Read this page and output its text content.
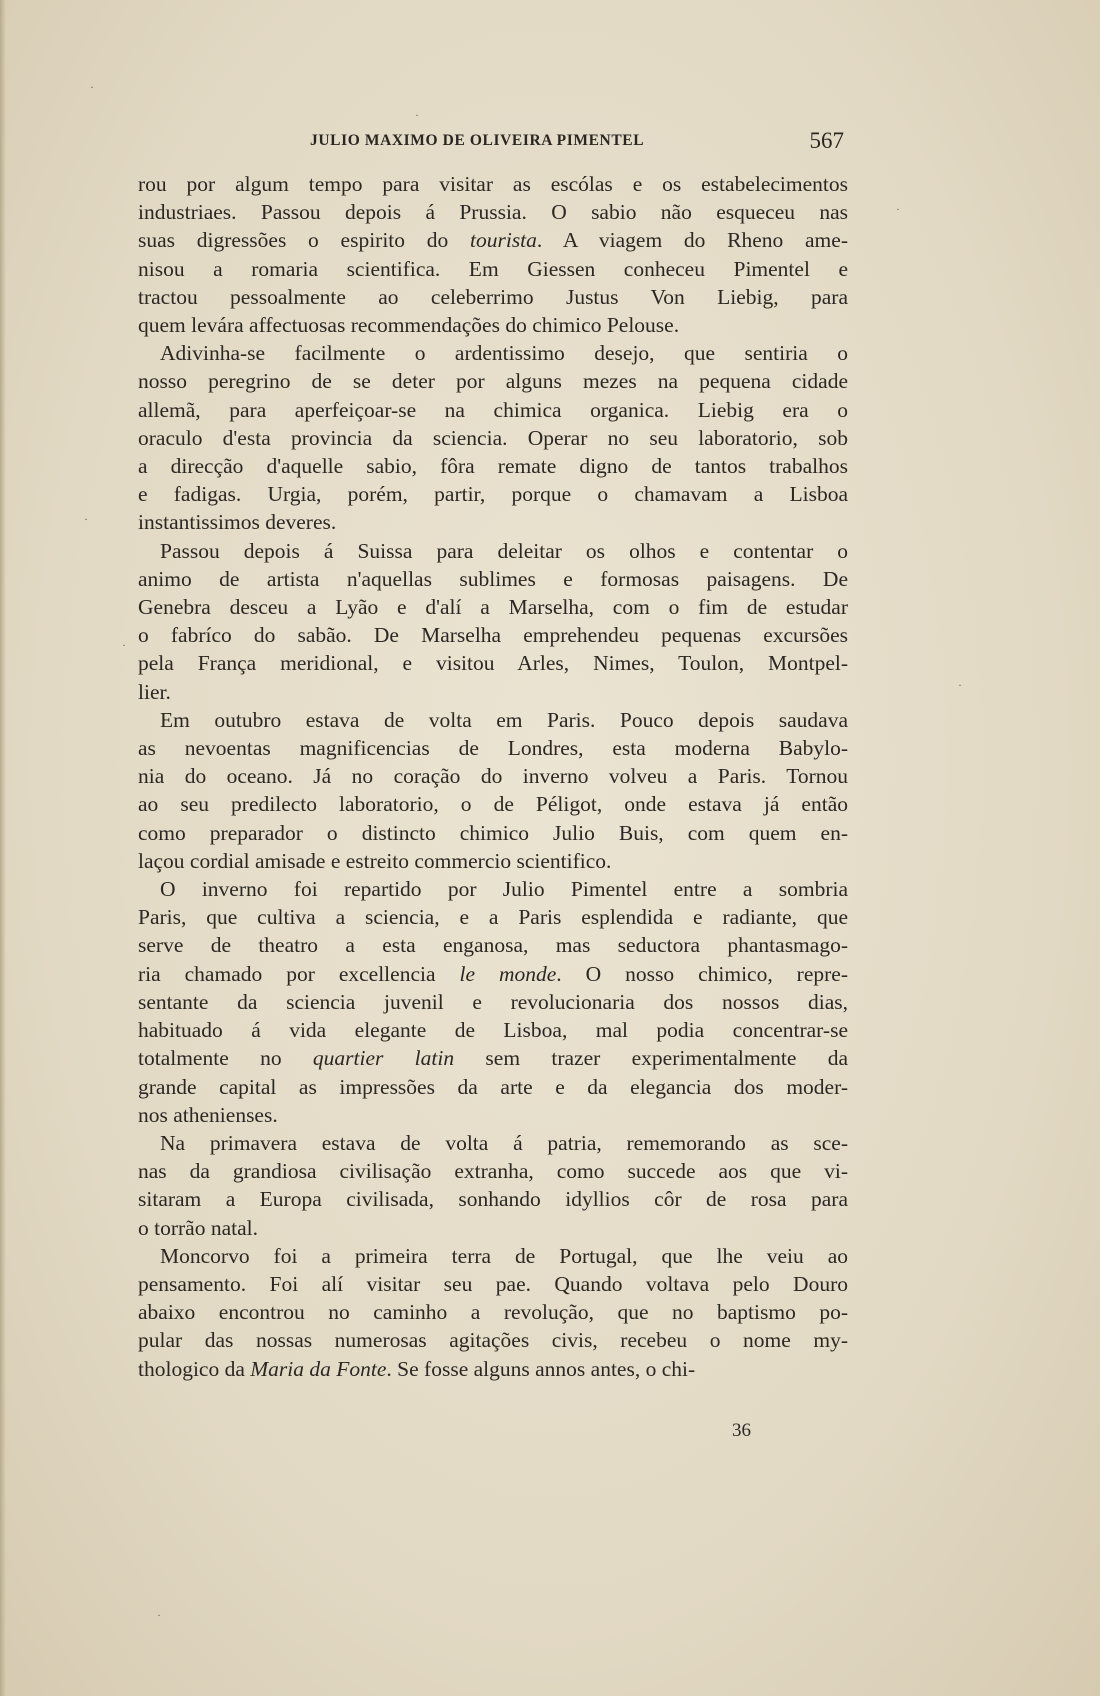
JULIO MAXIMO DE OLIVEIRA PIMENTEL	567
rou por algum tempo para visitar as escólas e os estabelecimentos
industriaes. Passou depois á Prussia. O sabio não esqueceu nas
suas digressões o espirito do tourista. A viagem do Rheno ame-
nisou a romaria scientifica. Em Giessen conheceu Pimentel e
tractou pessoalmente ao celeberrimo Justus Von Liebig, para
quem levára affectuosas recommendações do chimico Pelouse.
Adivinha-se facilmente o ardentissimo desejo, que sentiria o
nosso peregrino de se deter por alguns mezes na pequena cidade
allemã, para aperfeiçoar-se na chimica organica. Liebig era o
oraculo d'esta provincia da sciencia. Operar no seu laboratorio, sob
a direcção d'aquelle sabio, fôra remate digno de tantos trabalhos
e fadigas. Urgia, porém, partir, porque o chamavam a Lisboa
instantissimos deveres.
Passou depois á Suissa para deleitar os olhos e contentar o
animo de artista n'aquellas sublimes e formosas paisagens. De
Genebra desceu a Lyão e d'alí a Marselha, com o fim de estudar
o fabríco do sabão. De Marselha emprehendeu pequenas excursões
pela França meridional, e visitou Arles, Nimes, Toulon, Montpel-
lier.
Em outubro estava de volta em Paris. Pouco depois saudava
as nevoentas magnificencias de Londres, esta moderna Babylo-
nia do oceano. Já no coração do inverno volveu a Paris. Tornou
ao seu predilecto laboratorio, o de Péligot, onde estava já então
como preparador o distincto chimico Julio Buis, com quem en-
laçou cordial amisade e estreito commercio scientifico.
O inverno foi repartido por Julio Pimentel entre a sombria
Paris, que cultiva a sciencia, e a Paris esplendida e radiante, que
serve de theatro a esta enganosa, mas seductora phantasmago-
ria chamado por excellencia le monde. O nosso chimico, repre-
sentante da sciencia juvenil e revolucionaria dos nossos dias,
habituado á vida elegante de Lisboa, mal podia concentrar-se
totalmente no quartier latin sem trazer experimentalmente da
grande capital as impressões da arte e da elegancia dos moder-
nos athenienses.
Na primavera estava de volta á patria, rememorando as sce-
nas da grandiosa civilisação extranha, como succede aos que vi-
sitaram a Europa civilisada, sonhando idyllios côr de rosa para
o torrão natal.
Moncorvo foi a primeira terra de Portugal, que lhe veiu ao
pensamento. Foi alí visitar seu pae. Quando voltava pelo Douro
abaixo encontrou no caminho a revolução, que no baptismo po-
pular das nossas numerosas agitações civis, recebeu o nome my-
thologico da Maria da Fonte. Se fosse alguns annos antes, o chi-
36
·
·
·
·
·
·
·
